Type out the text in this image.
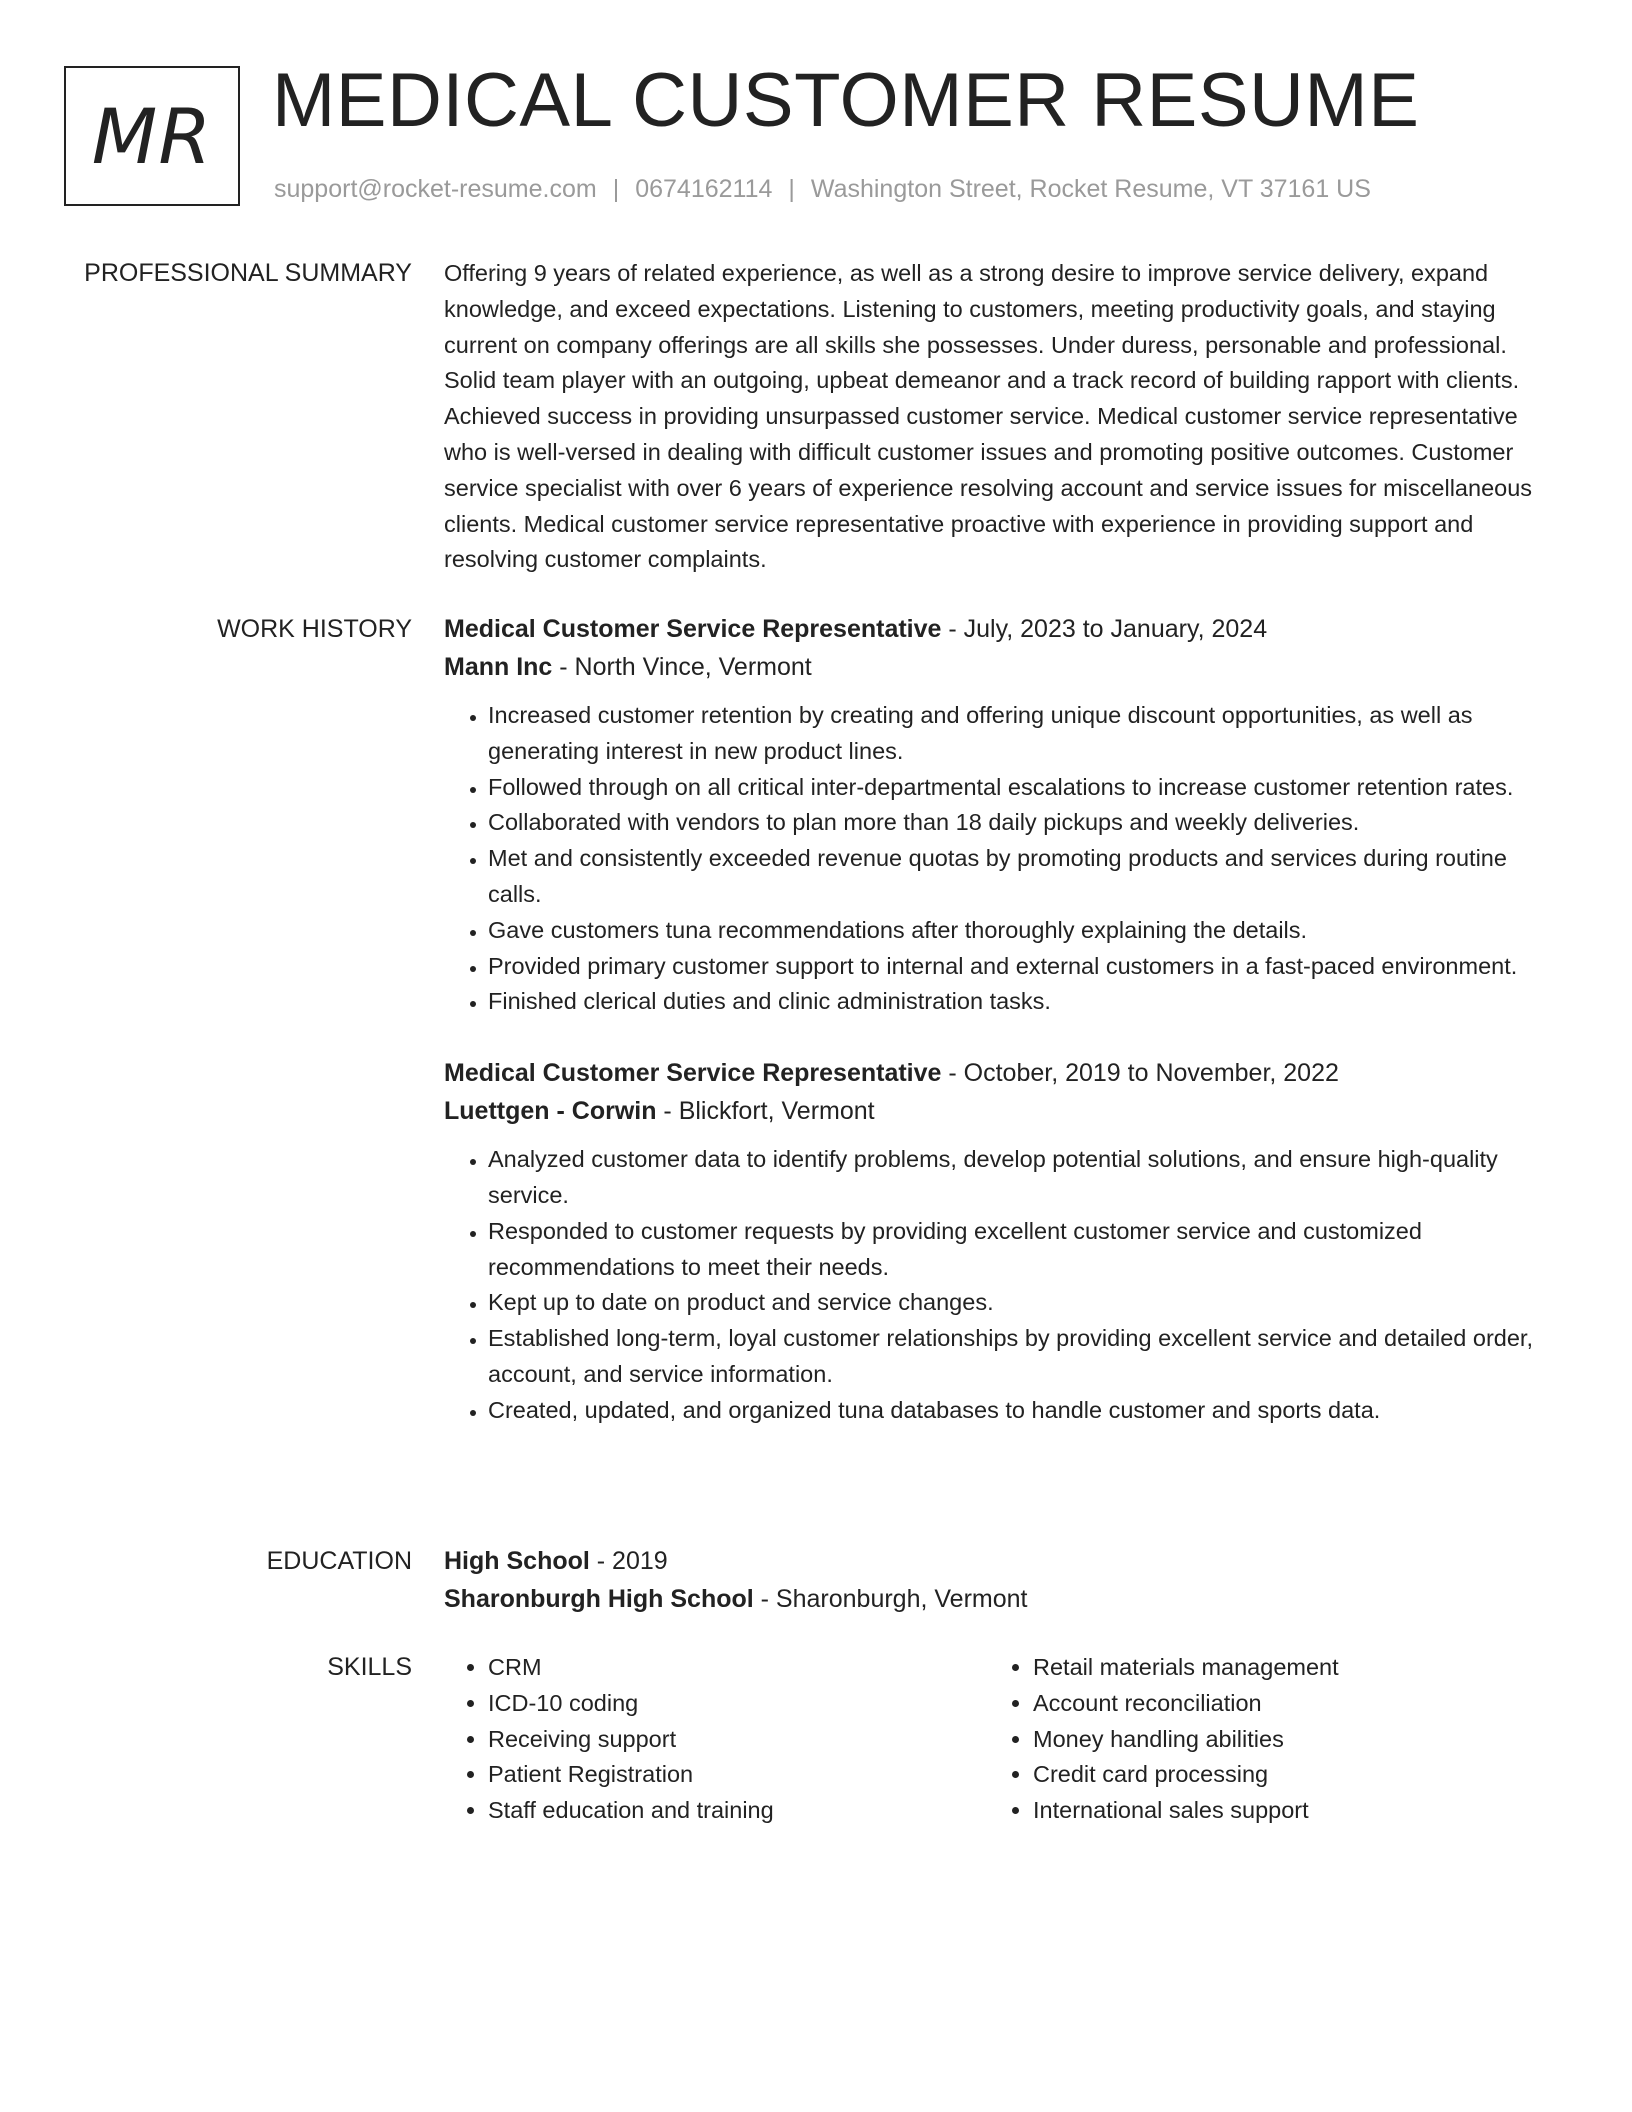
MR MEDICAL CUSTOMER RESUME

support@rocket-resume.com | 0674162114 | Washington Street, Rocket Resume, VT 37161 US

PROFESSIONAL SUMMARY Offering 9 years of related experience, as well as a strong desire to improve service delivery, expand knowledge, and exceed expectations. Listening to customers, meeting productivity goals, and staying current on company offerings are all skills she possesses. Under duress, personable and professional. Solid team player with an outgoing, upbeat demeanor and a track record of building rapport with clients. Achieved success in providing unsurpassed customer service. Medical customer service representative who is well-versed in dealing with difficult customer issues and promoting positive outcomes. Customer service specialist with over 6 years of experience resolving account and service issues for miscellaneous clients. Medical customer service representative proactive with experience in providing support and resolving customer complaints.

WORK HISTORY Medical Customer Service Representative - July, 2023 to January, 2024

Mann Inc - North Vince, Vermont

• Increased customer retention by creating and offering unique discount opportunities, as well as generating interest in new product lines.
• Followed through on all critical inter-departmental escalations to increase customer retention rates.
• Collaborated with vendors to plan more than 18 daily pickups and weekly deliveries.
• Met and consistently exceeded revenue quotas by promoting products and services during routine calls.
• Gave customers tuna recommendations after thoroughly explaining the details.
• Provided primary customer support to internal and external customers in a fast-paced environment.
• Finished clerical duties and clinic administration tasks.

Medical Customer Service Representative - October, 2019 to November, 2022

Luettgen - Corwin - Blickfort, Vermont

• Analyzed customer data to identify problems, develop potential solutions, and ensure high-quality service.
• Responded to customer requests by providing excellent customer service and customized recommendations to meet their needs.
• Kept up to date on product and service changes.
• Established long-term, loyal customer relationships by providing excellent service and detailed order, account, and service information.
• Created, updated, and organized tuna databases to handle customer and sports data.
EDUCATION High School - 2019

Sharonburgh High School - Sharonburgh, Vermont

SKILLS
•	CRM
• ICD-10 coding
• Receiving support
• Patient Registration
• Staff education and training
• Retail materials management
• Account reconciliation
• Money handling abilities
• Credit card processing
• International sales support
